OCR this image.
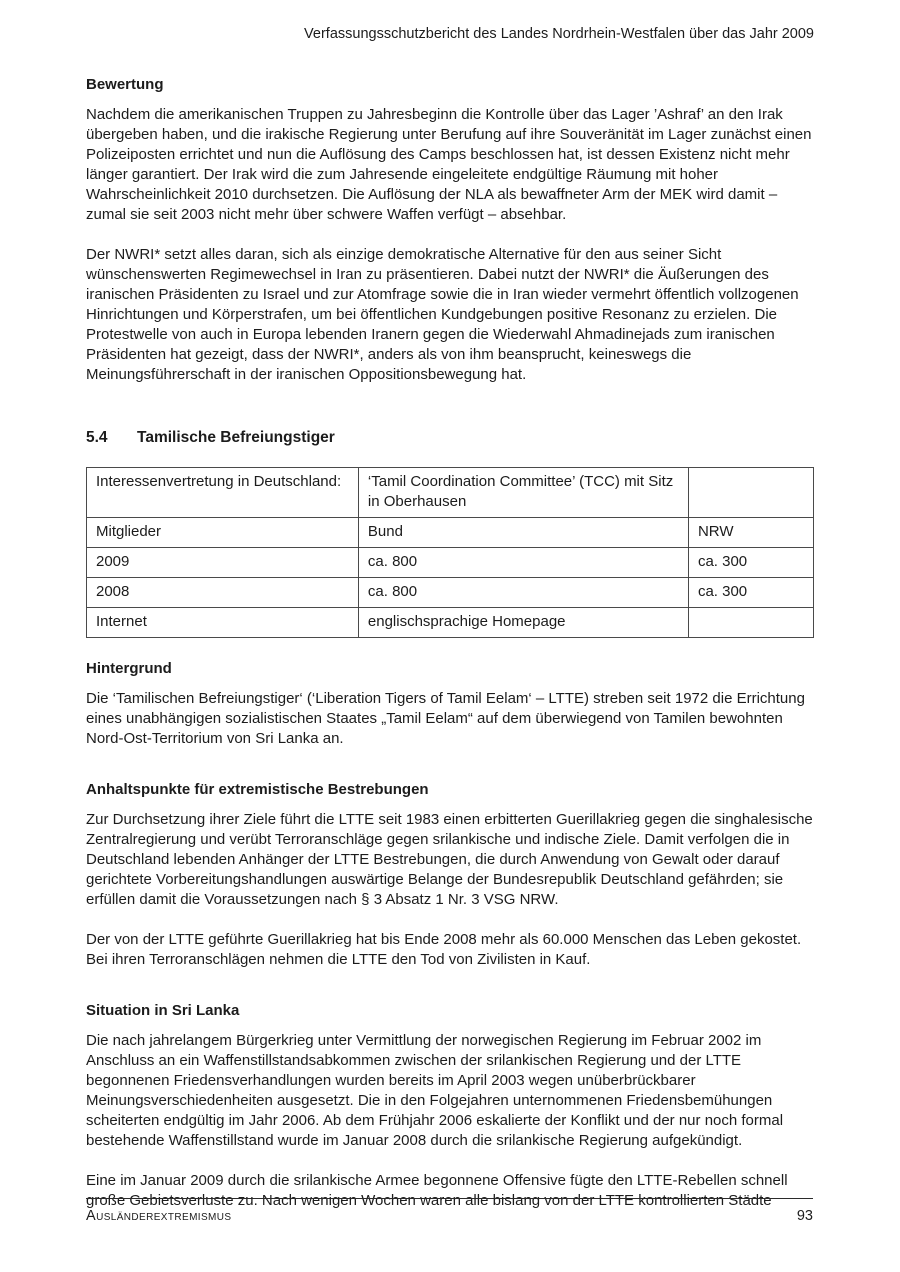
Verfassungsschutzbericht des Landes Nordrhein-Westfalen über das Jahr 2009
Bewertung

Nachdem die amerikanischen Truppen zu Jahresbeginn die Kontrolle über das Lager ’Ashraf’ an den Irak übergeben haben, und die irakische Regierung unter Berufung auf ihre Souveränität im Lager zunächst einen Polizeiposten errichtet und nun die Auflösung des Camps beschlossen hat, ist dessen Existenz nicht mehr länger garantiert. Der Irak wird die zum Jahresende eingeleitete endgültige Räumung mit hoher Wahrscheinlichkeit 2010 durchsetzen. Die Auflösung der NLA als bewaffneter Arm der MEK wird damit – zumal sie seit 2003 nicht mehr über schwere Waffen verfügt – absehbar.

Der NWRI* setzt alles daran, sich als einzige demokratische Alternative für den aus seiner Sicht wünschenswerten Regimewechsel in Iran zu präsentieren. Dabei nutzt der NWRI* die Äußerungen des iranischen Präsidenten zu Israel und zur Atomfrage sowie die in Iran wieder vermehrt öffentlich vollzogenen Hinrichtungen und Körperstrafen, um bei öffentlichen Kundgebungen positive Resonanz zu erzielen. Die Protestwelle von auch in Europa lebenden Iranern gegen die Wiederwahl Ahmadinejads zum iranischen Präsidenten hat gezeigt, dass der NWRI*, anders als von ihm beansprucht, keineswegs die Meinungsführerschaft in der iranischen Oppositionsbewegung hat.

5.4	Tamilische Befreiungstiger
Interessenvertretung in Deutschland:	‘Tamil Coordination Committee’ (TCC) mit Sitz in Oberhausen	
Mitglieder	Bund	NRW
2009	ca. 800	ca. 300
2008	ca. 800	ca. 300
Internet	englischsprachige Homepage	
Hintergrund

Die ‘Tamilischen Befreiungstiger‘ (‘Liberation Tigers of Tamil Eelam‘ – LTTE) streben seit 1972 die Errichtung eines unabhängigen sozialistischen Staates „Tamil Eelam“ auf dem überwiegend von Tamilen bewohnten Nord-Ost-Territorium von Sri Lanka an.

Anhaltspunkte für extremistische Bestrebungen

Zur Durchsetzung ihrer Ziele führt die LTTE seit 1983 einen erbitterten Guerillakrieg gegen die singhalesische Zentralregierung und verübt Terroranschläge gegen srilankische und indische Ziele. Damit verfolgen die in Deutschland lebenden Anhänger der LTTE Bestrebungen, die durch Anwendung von Gewalt oder darauf gerichtete Vorbereitungshandlungen auswärtige Belange der Bundesrepublik Deutschland gefährden; sie erfüllen damit die Voraussetzungen nach § 3 Absatz 1 Nr. 3 VSG NRW.

Der von der LTTE geführte Guerillakrieg hat bis Ende 2008 mehr als 60.000 Menschen das Leben gekostet. Bei ihren Terroranschlägen nehmen die LTTE den Tod von Zivilisten in Kauf.

Situation in Sri Lanka

Die nach jahrelangem Bürgerkrieg unter Vermittlung der norwegischen Regierung im Februar 2002 im Anschluss an ein Waffenstillstandsabkommen zwischen der srilankischen Regierung und der LTTE begonnenen Friedensverhandlungen wurden bereits im April 2003 wegen unüberbrückbarer Meinungsverschiedenheiten ausgesetzt. Die in den Folgejahren unternommenen Friedensbemühungen scheiterten endgültig im Jahr 2006. Ab dem Frühjahr 2006 eskalierte der Konflikt und der nur noch formal bestehende Waffenstillstand wurde im Januar 2008 durch die srilankische Regierung aufgekündigt.

Eine im Januar 2009 durch die srilankische Armee begonnene Offensive fügte den LTTE-Rebellen schnell große Gebietsverluste zu. Nach wenigen Wochen waren alle bislang von der LTTE kontrollierten Städte

Ausländerextremismus	93
